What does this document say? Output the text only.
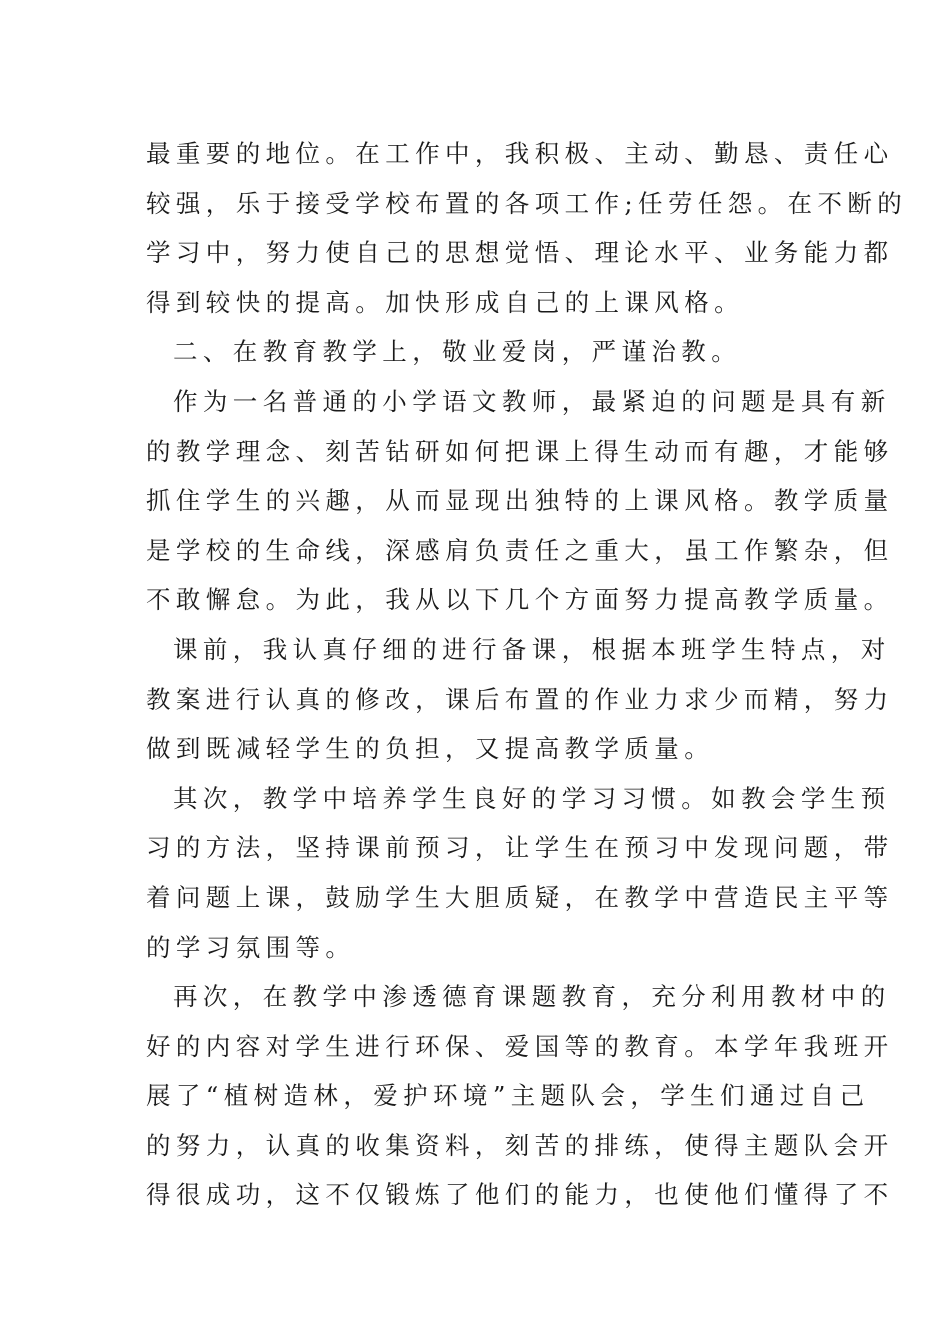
最重要的地位。在工作中，我积极、主动、勤恳、责任心
较强，乐于接受学校布置的各项工作;任劳任怨。在不断的
学习中，努力使自己的思想觉悟、理论水平、业务能力都
得到较快的提高。加快形成自己的上课风格。
二、在教育教学上，敬业爱岗，严谨治教。
作为一名普通的小学语文教师，最紧迫的问题是具有新
的教学理念、刻苦钻研如何把课上得生动而有趣，才能够
抓住学生的兴趣，从而显现出独特的上课风格。教学质量
是学校的生命线，深感肩负责任之重大，虽工作繁杂，但
不敢懈怠。为此，我从以下几个方面努力提高教学质量。
课前，我认真仔细的进行备课，根据本班学生特点，对
教案进行认真的修改，课后布置的作业力求少而精，努力
做到既减轻学生的负担，又提高教学质量。
其次，教学中培养学生良好的学习习惯。如教会学生预
习的方法，坚持课前预习，让学生在预习中发现问题，带
着问题上课，鼓励学生大胆质疑，在教学中营造民主平等
的学习氛围等。
再次，在教学中渗透德育课题教育，充分利用教材中的
好的内容对学生进行环保、爱国等的教育。本学年我班开
展了“植树造林，爱护环境”主题队会，学生们通过自己
的努力，认真的收集资料，刻苦的排练，使得主题队会开
得很成功，这不仅锻炼了他们的能力，也使他们懂得了不
